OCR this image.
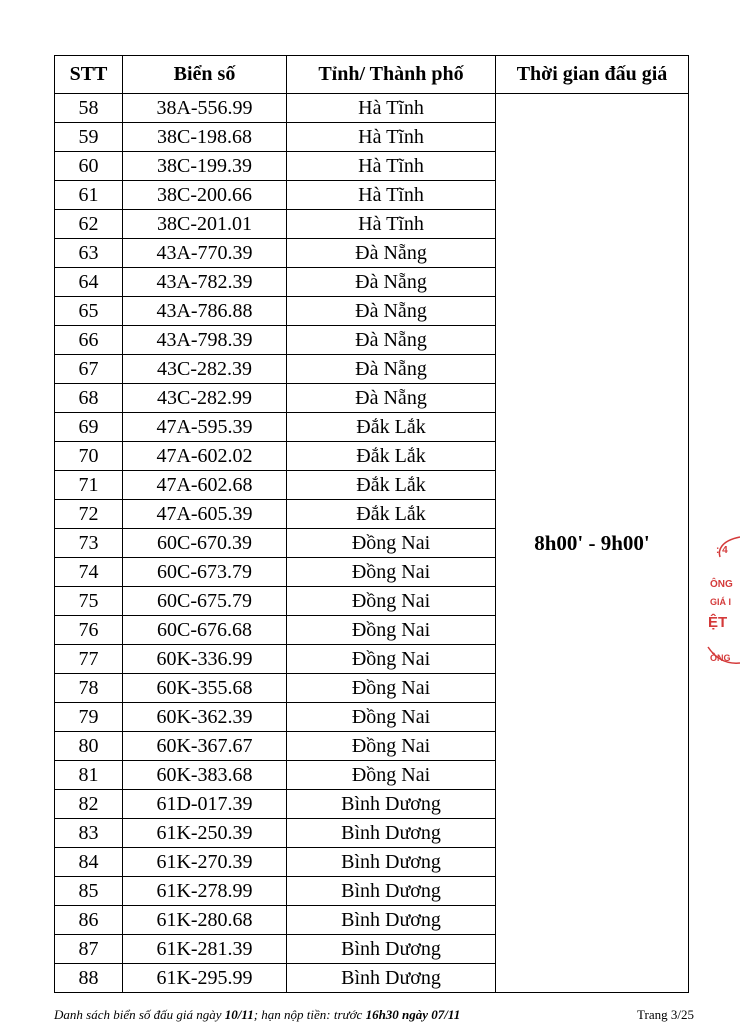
STT	Biển số	Tỉnh/ Thành phố	Thời gian đấu giá
58	38A-556.99	Hà Tĩnh	8h00' - 9h00'
59	38C-198.68	Hà Tĩnh	
60	38C-199.39	Hà Tĩnh	
61	38C-200.66	Hà Tĩnh	
62	38C-201.01	Hà Tĩnh	
63	43A-770.39	Đà Nẵng	
64	43A-782.39	Đà Nẵng	
65	43A-786.88	Đà Nẵng	
66	43A-798.39	Đà Nẵng	
67	43C-282.39	Đà Nẵng	
68	43C-282.99	Đà Nẵng	
69	47A-595.39	Đắk Lắk	
70	47A-602.02	Đắk Lắk	
71	47A-602.68	Đắk Lắk	
72	47A-605.39	Đắk Lắk	
73	60C-670.39	Đồng Nai	
74	60C-673.79	Đồng Nai	
75	60C-675.79	Đồng Nai	
76	60C-676.68	Đồng Nai	
77	60K-336.99	Đồng Nai	
78	60K-355.68	Đồng Nai	
79	60K-362.39	Đồng Nai	
80	60K-367.67	Đồng Nai	
81	60K-383.68	Đồng Nai	
82	61D-017.39	Bình Dương	
83	61K-250.39	Bình Dương	
84	61K-270.39	Bình Dương	
85	61K-278.99	Bình Dương	
86	61K-280.68	Bình Dương	
87	61K-281.39	Bình Dương	
88	61K-295.99	Bình Dương	
Danh sách biển số đấu giá ngày 10/11; hạn nộp tiền: trước 16h30 ngày 07/11	Trang 3/25
: 4
ÔNG
GIÁ I
ỆT
ÔNG
